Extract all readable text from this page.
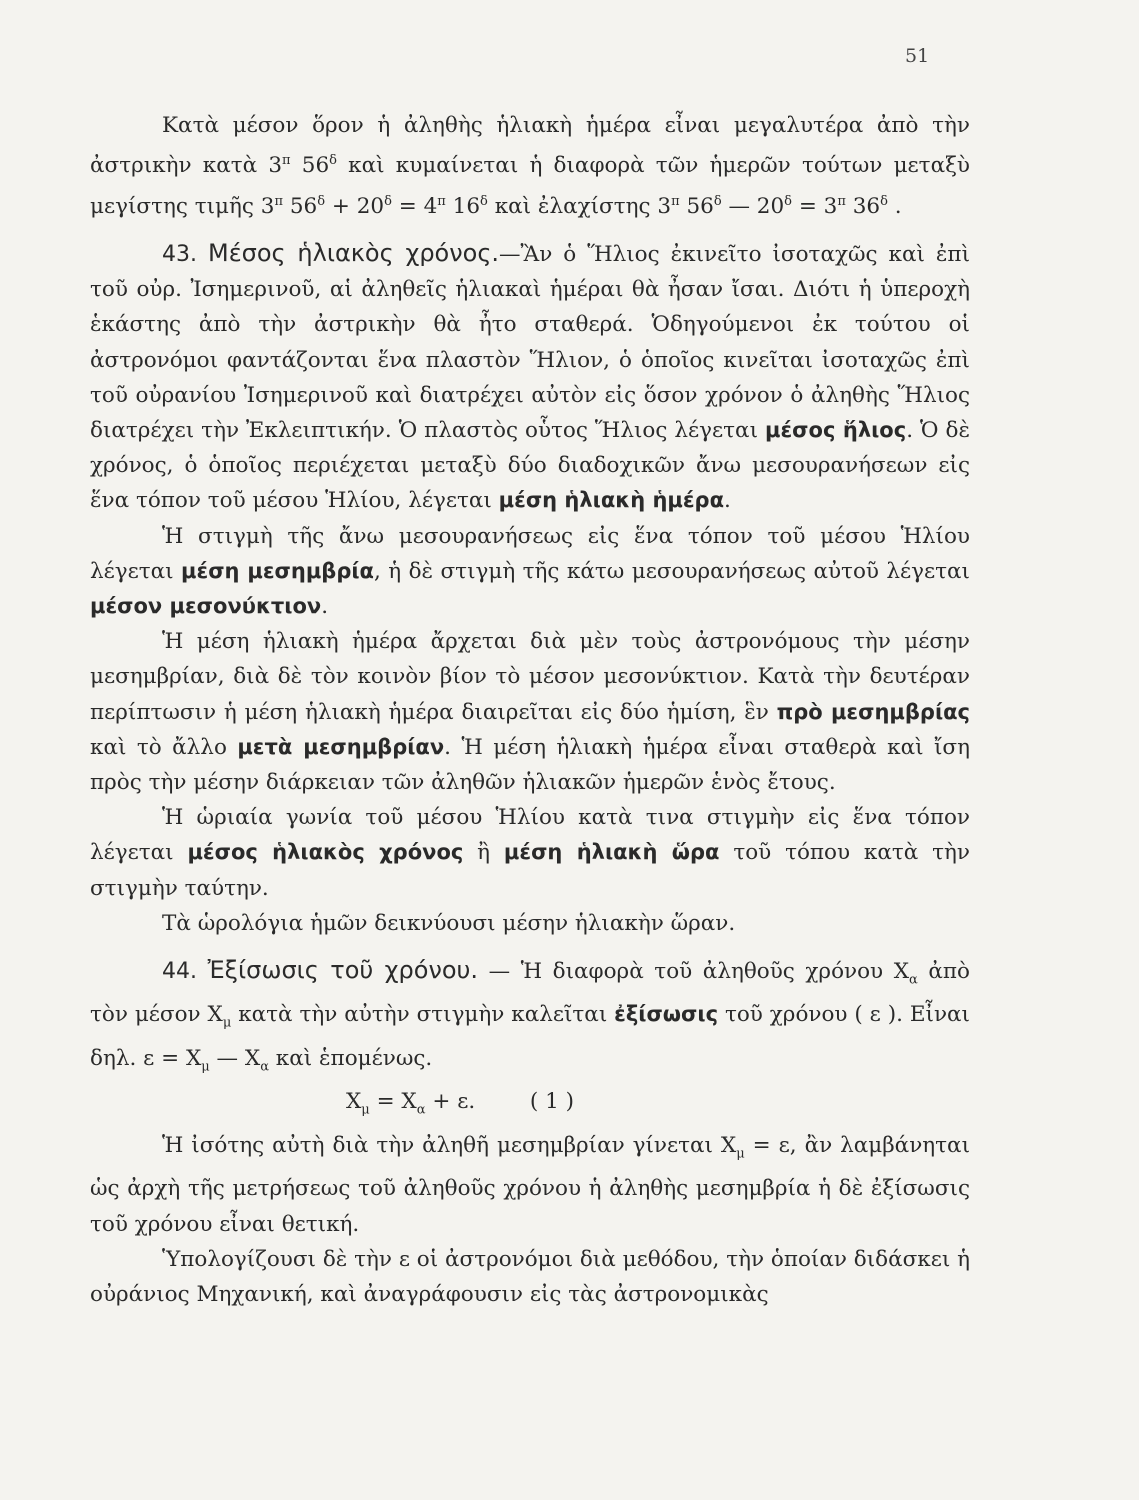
51

Κατὰ μέσον ὅρον ἡ ἀληθὴς ἡλιακὴ ἡμέρα εἶναι μεγαλυτέρα ἀπὸ τὴν ἀστρικὴν κατὰ $3^\pi$ $56^\delta$ καὶ κυμαίνεται ἡ διαφορὰ τῶν ἡμερῶν τούτων μεταξὺ μεγίστης τιμῆς $3^\pi$ $56^\delta + 20^\delta = 4^\pi$ $16^\delta$ καὶ ἐλαχίστης $3^\pi$ $56^\delta$ — $20^\delta = 3^\pi$ $36^\delta$ .

43. Μέσος ἡλιακὸς χρόνος.—Ἂν ὁ Ἥλιος ἐκινεῖτο ἰσοταχῶς καὶ ἐπὶ τοῦ οὐρ. Ἰσημερινοῦ, αἱ ἀληθεῖς ἡλιακαὶ ἡμέραι θὰ ἦσαν ἴσαι. Διότι ἡ ὑπεροχὴ ἑκάστης ἀπὸ τὴν ἀστρικὴν θὰ ἦτο σταθερά. Ὁδηγούμενοι ἐκ τούτου οἱ ἀστρονόμοι φαντάζονται ἕνα πλαστὸν Ἥλιον, ὁ ὁποῖος κινεῖται ἰσοταχῶς ἐπὶ τοῦ οὐρανίου Ἰσημερινοῦ καὶ διατρέχει αὐτὸν εἰς ὅσον χρόνον ὁ ἀληθὴς Ἥλιος διατρέχει τὴν Ἐκλειπτικήν. Ὁ πλαστὸς οὗτος Ἥλιος λέγεται μέσος ἥλιος. Ὁ δὲ χρόνος, ὁ ὁποῖος περιέχεται μεταξὺ δύο διαδοχικῶν ἄνω μεσουρανήσεων εἰς ἕνα τόπον τοῦ μέσου Ἡλίου, λέγεται μέση ἡλιακὴ ἡμέρα.

Ἡ στιγμὴ τῆς ἄνω μεσουρανήσεως εἰς ἕνα τόπον τοῦ μέσου Ἡλίου λέγεται μέση μεσημβρία, ἡ δὲ στιγμὴ τῆς κάτω μεσουρανήσεως αὐτοῦ λέγεται μέσον μεσονύκτιον.

Ἡ μέση ἡλιακὴ ἡμέρα ἄρχεται διὰ μὲν τοὺς ἀστρονόμους τὴν μέσην μεσημβρίαν, διὰ δὲ τὸν κοινὸν βίον τὸ μέσον μεσονύκτιον. Κατὰ τὴν δευτέραν περίπτωσιν ἡ μέση ἡλιακὴ ἡμέρα διαιρεῖται εἰς δύο ἡμίση, ἓν πρὸ μεσημβρίας καὶ τὸ ἄλλο μετὰ μεσημβρίαν. Ἡ μέση ἡλιακὴ ἡμέρα εἶναι σταθερὰ καὶ ἴση πρὸς τὴν μέσην διάρκειαν τῶν ἀληθῶν ἡλιακῶν ἡμερῶν ἑνὸς ἔτους.

Ἡ ὡριαία γωνία τοῦ μέσου Ἡλίου κατὰ τινα στιγμὴν εἰς ἕνα τόπον λέγεται μέσος ἡλιακὸς χρόνος ἢ μέση ἡλιακὴ ὥρα τοῦ τόπου κατὰ τὴν στιγμὴν ταύτην.

Τὰ ὡρολόγια ἡμῶν δεικνύουσι μέσην ἡλιακὴν ὥραν.

44. Ἐξίσωσις τοῦ χρόνου. — Ἡ διαφορὰ τοῦ ἀληθοῦς χρόνου $X_\alpha$ ἀπὸ τὸν μέσον $X_\mu$ κατὰ τὴν αὐτὴν στιγμὴν καλεῖται ἐξίσωσις τοῦ χρόνου ( ε ). Εἶναι δηλ. $\varepsilon = X_\mu$ — $X_\alpha$ καὶ ἑπομένως.

$X_\mu = X_\alpha + \varepsilon$.	( 1 )

Ἡ ἰσότης αὐτὴ διὰ τὴν ἀληθῆ μεσημβρίαν γίνεται $X_\mu = \varepsilon$, ἂν λαμβάνηται ὡς ἀρχὴ τῆς μετρήσεως τοῦ ἀληθοῦς χρόνου ἡ ἀληθὴς μεσημβρία ἡ δὲ ἐξίσωσις τοῦ χρόνου εἶναι θετική.

Ὑπολογίζουσι δὲ τὴν ε οἱ ἀστρονόμοι διὰ μεθόδου, τὴν ὁποίαν διδάσκει ἡ οὐράνιος Μηχανική, καὶ ἀναγράφουσιν εἰς τὰς ἀστρονομικὰς
